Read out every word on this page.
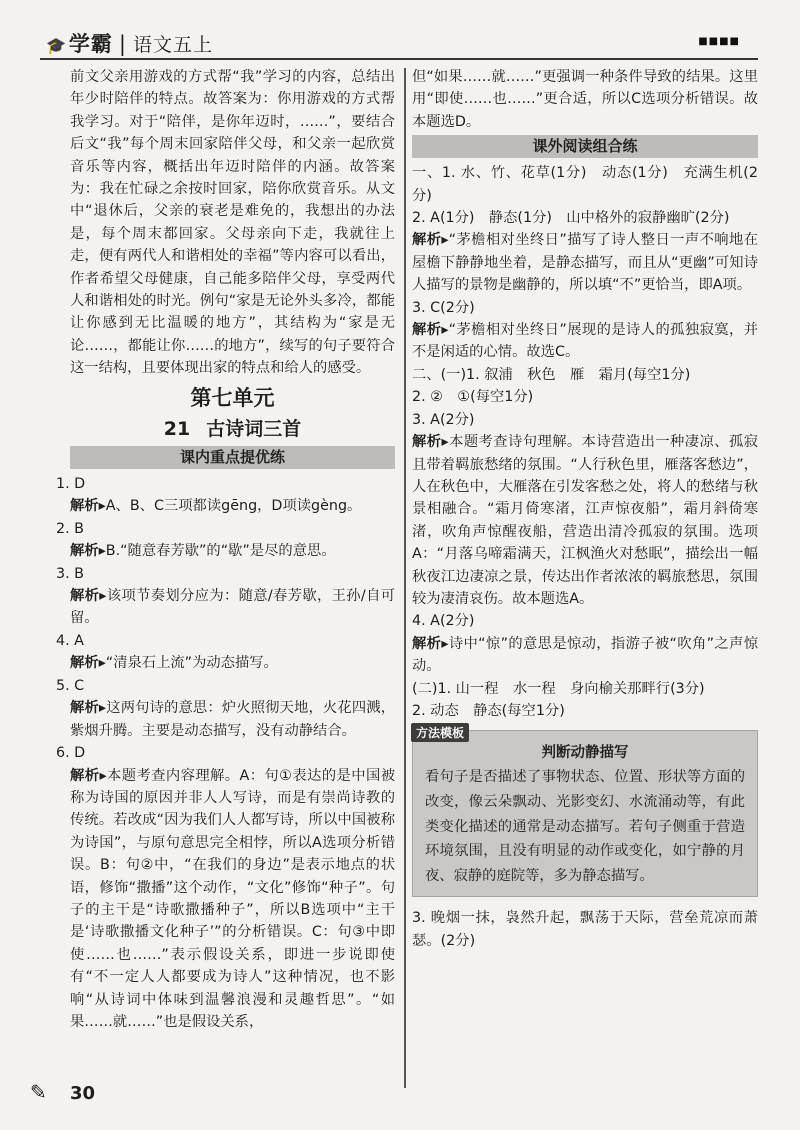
🎓学霸 | 语文五上	■■■■

前文父亲用游戏的方式帮“我”学习的内容，总结出年少时陪伴的特点。故答案为：你用游戏的方式帮我学习。对于“陪伴，是你年迈时，……”，要结合后文“我”每个周末回家陪伴父母，和父亲一起欣赏音乐等内容，概括出年迈时陪伴的内涵。故答案为：我在忙碌之余按时回家，陪你欣赏音乐。从文中“退休后，父亲的衰老是难免的，我想出的办法是，每个周末都回家。父母亲向下走，我就往上走，便有两代人和谐相处的幸福”等内容可以看出，作者希望父母健康，自己能多陪伴父母，享受两代人和谐相处的时光。例句“家是无论外头多冷，都能让你感到无比温暖的地方”，其结构为“家是无论……，都能让你……的地方”，续写的句子要符合这一结构，且要体现出家的特点和给人的感受。

第七单元
21 古诗词三首
课内重点提优练

1. D

解析▸A、B、C三项都读gēng，D项读gèng。

2. B

解析▸B.“随意春芳歇”的“歇”是尽的意思。

3. B

解析▸该项节奏划分应为：随意/春芳歇，王孙/自可留。

4. A

解析▸“清泉石上流”为动态描写。

5. C

解析▸这两句诗的意思：炉火照彻天地，火花四溅，紫烟升腾。主要是动态描写，没有动静结合。

6. D

解析▸本题考查内容理解。A：句①表达的是中国被称为诗国的原因并非人人写诗，而是有崇尚诗教的传统。若改成“因为我们人人都写诗，所以中国被称为诗国”，与原句意思完全相悖，所以A选项分析错误。B：句②中，“在我们的身边”是表示地点的状语，修饰“撒播”这个动作，“文化”修饰“种子”。句子的主干是“诗歌撒播种子”，所以B选项中“主干是‘诗歌撒播文化种子’”的分析错误。C：句③中即使……也……”表示假设关系，即进一步说即使有“不一定人人都要成为诗人”这种情况，也不影响“从诗词中体味到温馨浪漫和灵趣哲思”。“如果……就……”也是假设关系，

但“如果……就……”更强调一种条件导致的结果。这里用“即使……也……”更合适，所以C选项分析错误。故本题选D。

课外阅读组合练

一、1. 水、竹、花草(1分)　动态(1分)　充满生机(2分)

2. A(1分)　静态(1分)　山中格外的寂静幽旷(2分)

解析▸“茅檐相对坐终日”描写了诗人整日一声不响地在屋檐下静静地坐着，是静态描写，而且从“更幽”可知诗人描写的景物是幽静的，所以填“不”更恰当，即A项。

3. C(2分)

解析▸“茅檐相对坐终日”展现的是诗人的孤独寂寞，并不是闲适的心情。故选C。

二、(一)1. 叙浦　秋色　雁　霜月(每空1分)

2. ②　①(每空1分)

3. A(2分)

解析▸本题考查诗句理解。本诗营造出一种凄凉、孤寂且带着羁旅愁绪的氛围。“人行秋色里，雁落客愁边”，人在秋色中，大雁落在引发客愁之处，将人的愁绪与秋景相融合。“霜月倚寒渚，江声惊夜船”，霜月斜倚寒渚，吹角声惊醒夜船，营造出清冷孤寂的氛围。选项A：“月落乌啼霜满天，江枫渔火对愁眠”，描绘出一幅秋夜江边凄凉之景，传达出作者浓浓的羁旅愁思，氛围较为凄清哀伤。故本题选A。

4. A(2分)

解析▸诗中“惊”的意思是惊动，指游子被“吹角”之声惊动。

(二)1. 山一程　水一程　身向榆关那畔行(3分)

2. 动态　静态(每空1分)

方法模板
判断动静描写

看句子是否描述了事物状态、位置、形状等方面的改变，像云朵飘动、光影变幻、水流涌动等，有此类变化描述的通常是动态描写。若句子侧重于营造环境氛围，且没有明显的动作或变化，如宁静的月夜、寂静的庭院等，多为静态描写。

3. 晚烟一抹，袅然升起，飘荡于天际，营垒荒凉而萧瑟。(2分)

✎ 30
